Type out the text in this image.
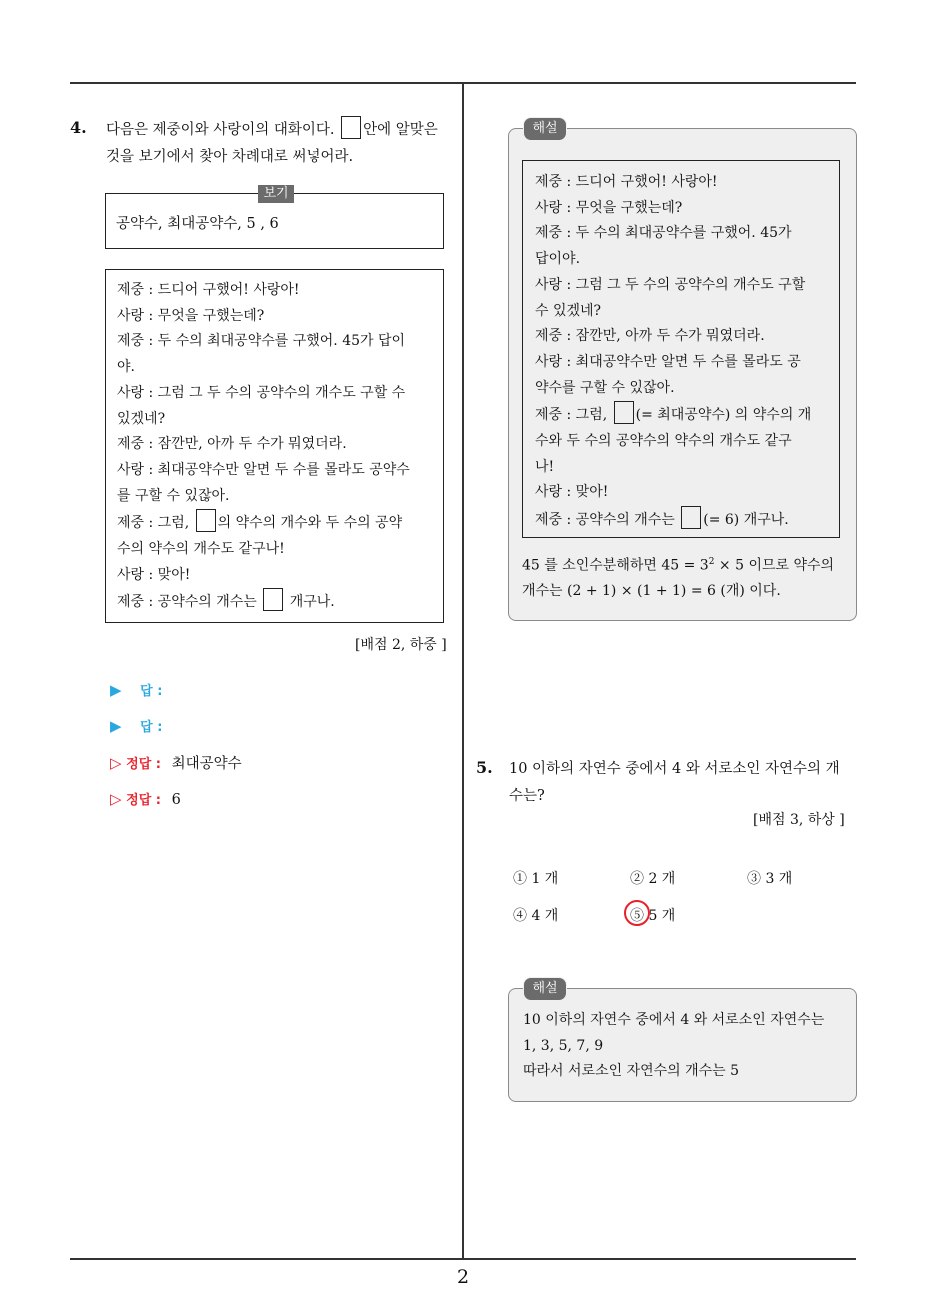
2
4. 다음은 제중이와 사랑이의 대화이다. 안에 알맞은
것을 보기에서 찾아 차례대로 써넣어라.
보기
공약수, 최대공약수, 5 , 6
제중 : 드디어 구했어! 사랑아!
사랑 : 무엇을 구했는데?
제중 : 두 수의 최대공약수를 구했어. 45가 답이
야.
사랑 : 그럼 그 두 수의 공약수의 개수도 구할 수
있겠네?
제중 : 잠깐만, 아까 두 수가 뭐였더라.
사랑 : 최대공약수만 알면 두 수를 몰라도 공약수
를 구할 수 있잖아.
제중 : 그럼, 의 약수의 개수와 두 수의 공약
수의 약수의 개수도 같구나!
사랑 : 맞아!
제중 : 공약수의 개수는 개구나.
[배점 2, 하중 ]
▶ 답 :
▶ 답 :
▷ 정답 : 최대공약수
▷ 정답 : 6
해설
제중 : 드디어 구했어! 사랑아!
사랑 : 무엇을 구했는데?
제중 : 두 수의 최대공약수를 구했어. 45가
답이야.
사랑 : 그럼 그 두 수의 공약수의 개수도 구할
수 있겠네?
제중 : 잠깐만, 아까 두 수가 뭐였더라.
사랑 : 최대공약수만 알면 두 수를 몰라도 공
약수를 구할 수 있잖아.
제중 : 그럼, (= 최대공약수) 의 약수의 개
수와 두 수의 공약수의 약수의 개수도 같구
나!
사랑 : 맞아!
제중 : 공약수의 개수는 (= 6) 개구나.
45 를 소인수분해하면 $45 = 3^2 \times 5$ 이므로 약수의
개수는 (2 + 1) × (1 + 1) = 6 (개) 이다.
5. 10 이하의 자연수 중에서 4 와 서로소인 자연수의 개
수는?
[배점 3, 하상 ]
① 1 개	② 2 개	③ 3 개
④ 4 개	⑤ 5 개
해설
10 이하의 자연수 중에서 4 와 서로소인 자연수는
1, 3, 5, 7, 9
따라서 서로소인 자연수의 개수는 5
